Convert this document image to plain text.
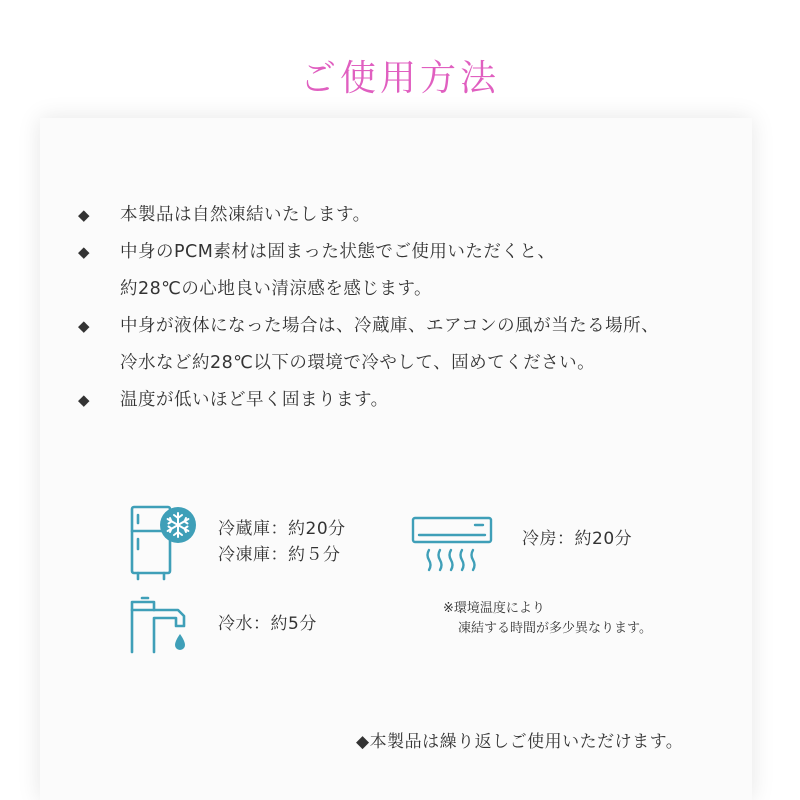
ご使用方法
◆	本製品は自然凍結いたします。
◆	中身のPCM素材は固まった状態でご使用いただくと、
約28℃の心地良い清涼感を感じます。
◆	中身が液体になった場合は、冷蔵庫、エアコンの風が当たる場所、
冷水など約28℃以下の環境で冷やして、固めてください。
◆	温度が低いほど早く固まります。
冷蔵庫：約20分
冷凍庫：約５分
冷房：約20分
冷水：約5分
※環境温度により
凍結する時間が多少異なります。
◆本製品は繰り返しご使用いただけます。
